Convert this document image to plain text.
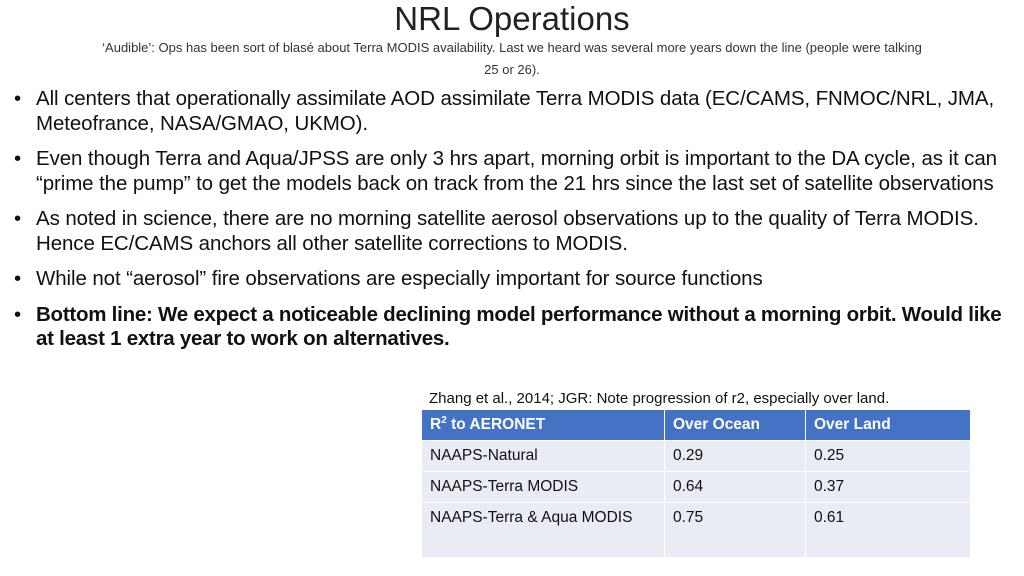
NRL Operations
‘Audible’: Ops has been sort of blasé about Terra MODIS availability. Last we heard was several more years down the line (people were talking 25 or 26).
• All centers that operationally assimilate AOD assimilate Terra MODIS data (EC/CAMS, FNMOC/NRL, JMA, Meteofrance, NASA/GMAO, UKMO).
• Even though Terra and Aqua/JPSS are only 3 hrs apart, morning orbit is important to the DA cycle, as it can “prime the pump” to get the models back on track from the 21 hrs since the last set of satellite observations
• As noted in science, there are no morning satellite aerosol observations up to the quality of Terra MODIS. Hence EC/CAMS anchors all other satellite corrections to MODIS.
• While not “aerosol” fire observations are especially important for source functions
• Bottom line: We expect a noticeable declining model performance without a morning orbit. Would like at least 1 extra year to work on alternatives.
Zhang et al., 2014; JGR: Note progression of r2, especially over land.
$R^2$ to AERONET	Over Ocean	Over Land
NAAPS-Natural	0.29	0.25
NAAPS-Terra MODIS	0.64	0.37
NAAPS-Terra & Aqua MODIS	0.75	0.61
